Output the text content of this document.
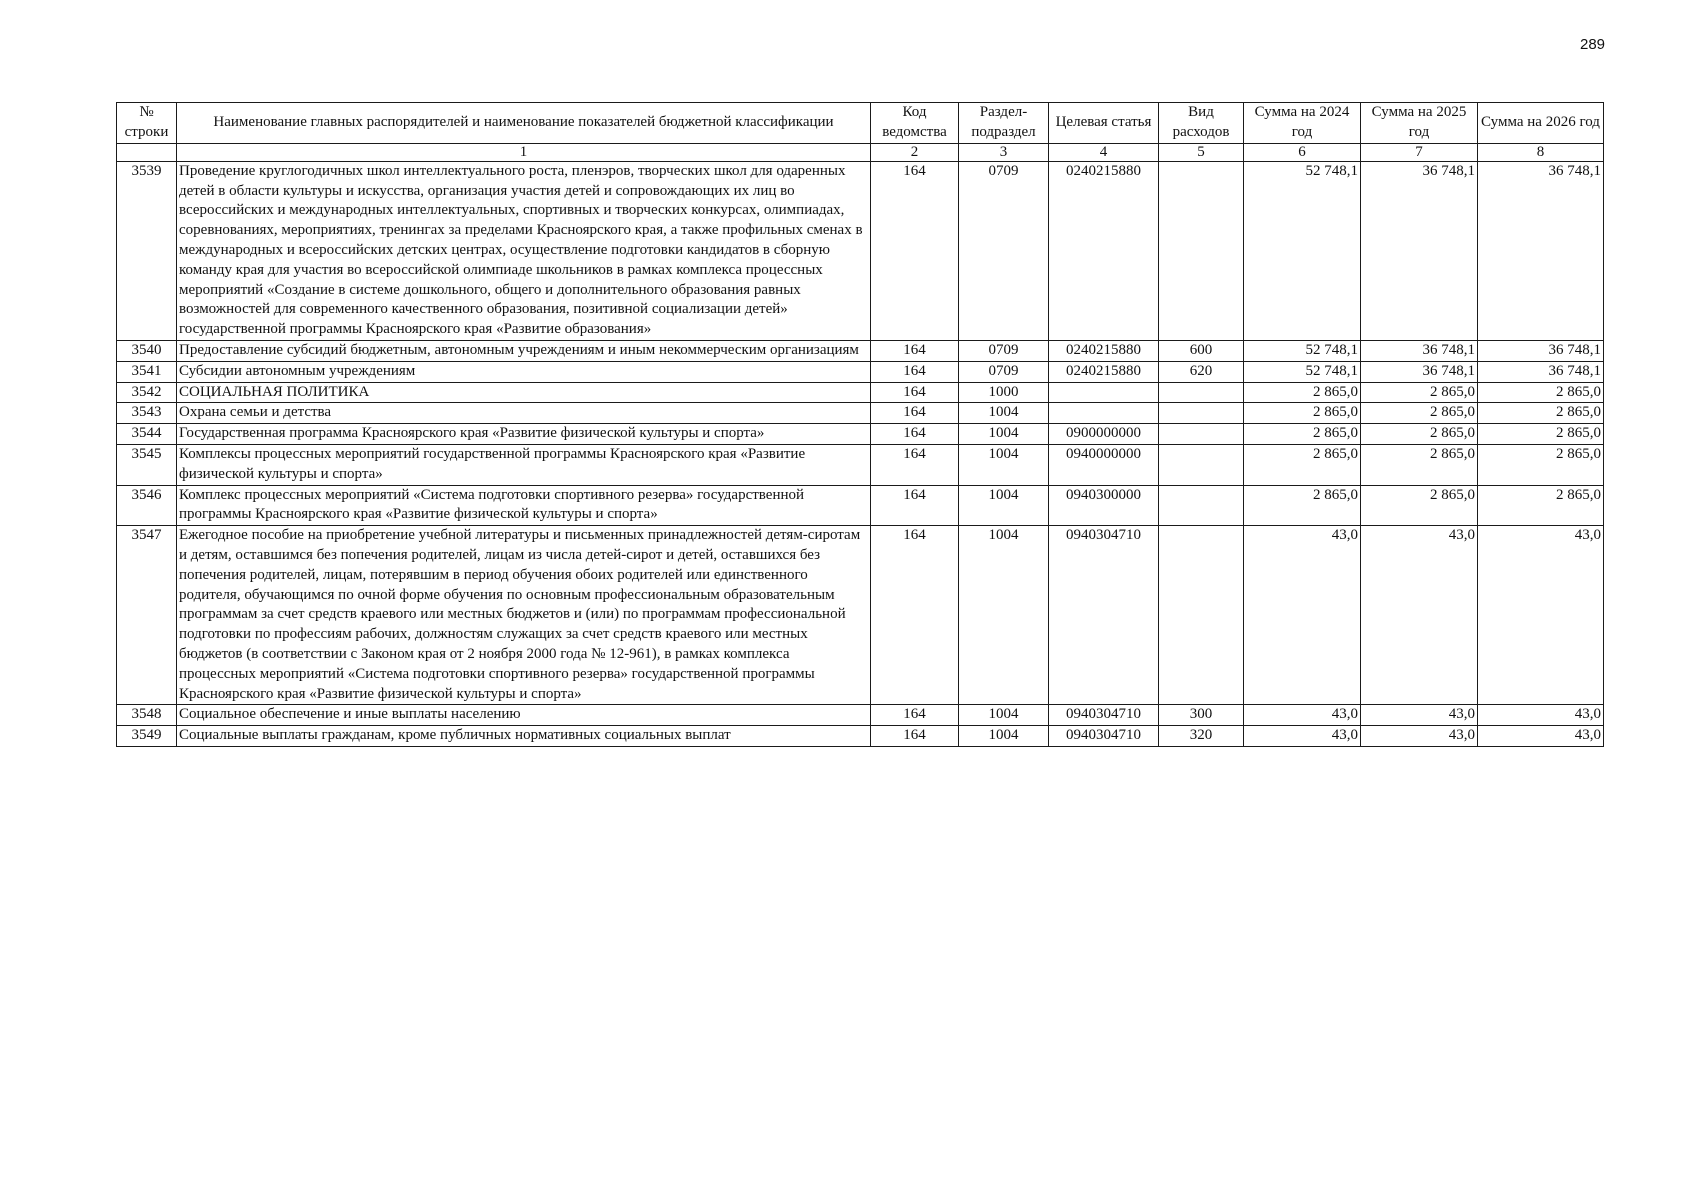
289
№ строки	Наименование главных распорядителей и наименование показателей бюджетной классификации	Код ведомства	Раздел-подраздел	Целевая статья	Вид расходов	Сумма на 2024 год	Сумма на 2025 год	Сумма на 2026 год
	1	2	3	4	5	6	7	8
3539	Проведение круглогодичных школ интеллектуального роста, пленэров, творческих школ для одаренных детей в области культуры и искусства, организация участия детей и сопровождающих их лиц во всероссийских и международных интеллектуальных, спортивных и творческих конкурсах, олимпиадах, соревнованиях, мероприятиях, тренингах за пределами Красноярского края, а также профильных сменах в международных и всероссийских детских центрах, осуществление подготовки кандидатов в сборную команду края для участия во всероссийской олимпиаде школьников в рамках комплекса процессных мероприятий «Создание в системе дошкольного, общего и дополнительного образования равных возможностей для современного качественного образования, позитивной социализации детей» государственной программы Красноярского края «Развитие образования»	164	0709	0240215880		52 748,1	36 748,1	36 748,1
3540	Предоставление субсидий бюджетным, автономным учреждениям и иным некоммерческим организациям	164	0709	0240215880	600	52 748,1	36 748,1	36 748,1
3541	Субсидии автономным учреждениям	164	0709	0240215880	620	52 748,1	36 748,1	36 748,1
3542	СОЦИАЛЬНАЯ ПОЛИТИКА	164	1000			2 865,0	2 865,0	2 865,0
3543	Охрана семьи и детства	164	1004			2 865,0	2 865,0	2 865,0
3544	Государственная программа Красноярского края «Развитие физической культуры и спорта»	164	1004	0900000000		2 865,0	2 865,0	2 865,0
3545	Комплексы процессных мероприятий государственной программы Красноярского края «Развитие физической культуры и спорта»	164	1004	0940000000		2 865,0	2 865,0	2 865,0
3546	Комплекс процессных мероприятий «Система подготовки спортивного резерва» государственной программы Красноярского края «Развитие физической культуры и спорта»	164	1004	0940300000		2 865,0	2 865,0	2 865,0
3547	Ежегодное пособие на приобретение учебной литературы и письменных принадлежностей детям-сиротам и детям, оставшимся без попечения родителей, лицам из числа детей-сирот и детей, оставшихся без попечения родителей, лицам, потерявшим в период обучения обоих родителей или единственного родителя, обучающимся по очной форме обучения по основным профессиональным образовательным программам за счет средств краевого или местных бюджетов и (или) по программам профессиональной подготовки по профессиям рабочих, должностям служащих за счет средств краевого или местных бюджетов (в соответствии с Законом края от 2 ноября 2000 года № 12-961), в рамках комплекса процессных мероприятий «Система подготовки спортивного резерва» государственной программы Красноярского края «Развитие физической культуры и спорта»	164	1004	0940304710		43,0	43,0	43,0
3548	Социальное обеспечение и иные выплаты населению	164	1004	0940304710	300	43,0	43,0	43,0
3549	Социальные выплаты гражданам, кроме публичных нормативных социальных выплат	164	1004	0940304710	320	43,0	43,0	43,0
